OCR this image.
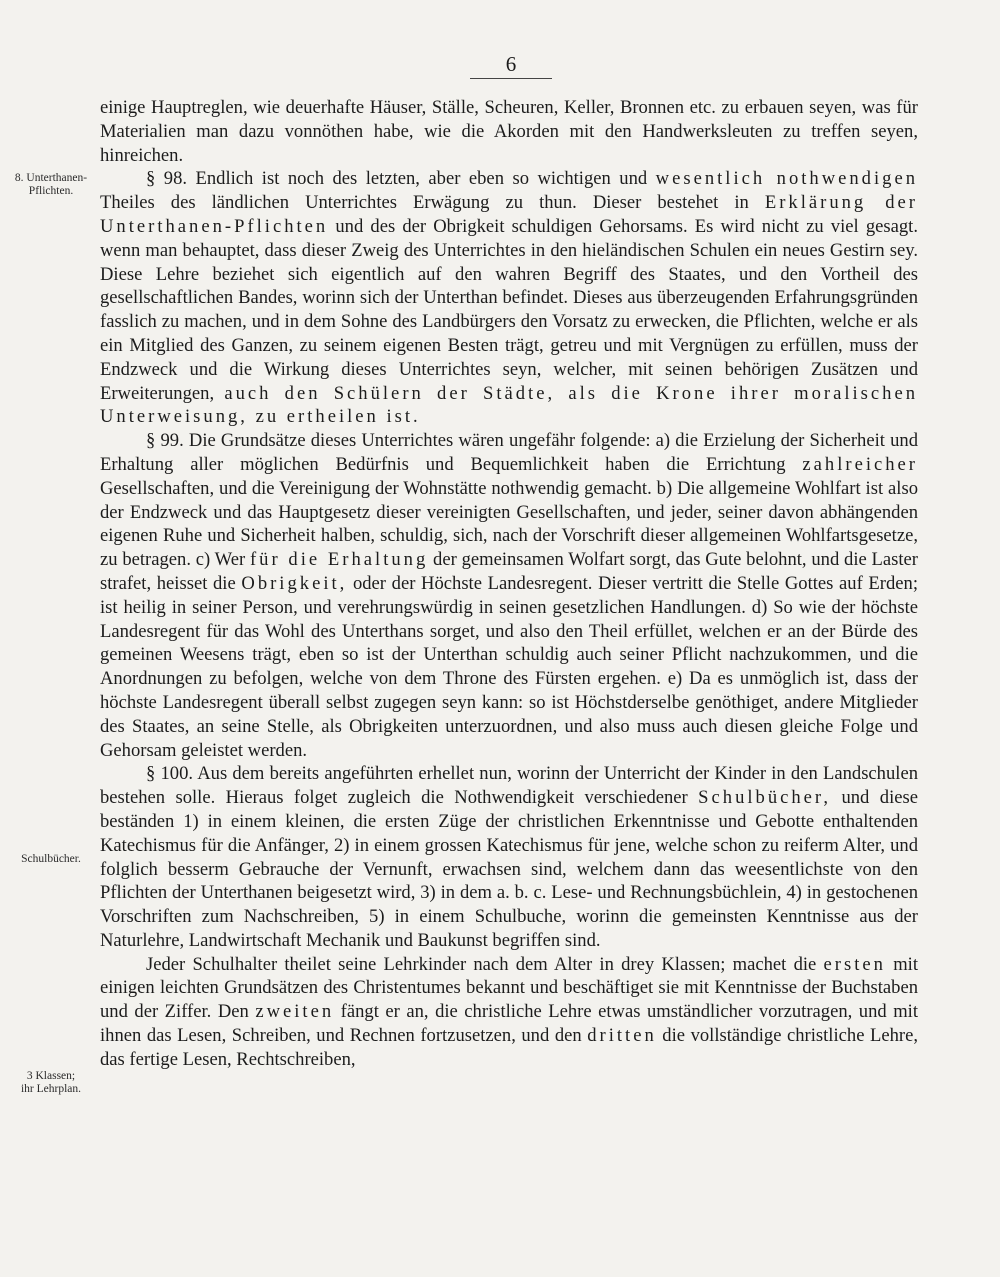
6
8. Unterthanen-
Pflichten.
Schulbücher.
3 Klassen;
ihr Lehrplan.

einige Hauptreglen, wie deuerhafte Häuser, Ställe, Scheuren, Keller, Bronnen etc. zu erbauen seyen, was für Materialien man dazu vonnöthen habe, wie die Akorden mit den Handwerksleuten zu treffen seyen, hinreichen.

§ 98. Endlich ist noch des letzten, aber eben so wichtigen und wesentlich nothwendigen Theiles des ländlichen Unterrichtes Erwägung zu thun. Dieser bestehet in Erklärung der Unterthanen-Pflichten und des der Obrigkeit schuldigen Gehorsams. Es wird nicht zu viel gesagt. wenn man behauptet, dass dieser Zweig des Unterrichtes in den hieländischen Schulen ein neues Gestirn sey. Diese Lehre beziehet sich eigentlich auf den wahren Begriff des Staates, und den Vortheil des gesellschaftlichen Bandes, worinn sich der Unterthan befindet. Dieses aus überzeugenden Erfahrungsgründen fasslich zu machen, und in dem Sohne des Landbürgers den Vorsatz zu erwecken, die Pflichten, welche er als ein Mitglied des Ganzen, zu seinem eigenen Besten trägt, getreu und mit Vergnügen zu erfüllen, muss der Endzweck und die Wirkung dieses Unterrichtes seyn, welcher, mit seinen behörigen Zusätzen und Erweiterungen, auch den Schülern der Städte, als die Krone ihrer moralischen Unterweisung, zu ertheilen ist.

§ 99. Die Grundsätze dieses Unterrichtes wären ungefähr folgende: a) die Erzielung der Sicherheit und Erhaltung aller möglichen Bedürfnis und Bequemlichkeit haben die Errichtung zahlreicher Gesellschaften, und die Vereinigung der Wohnstätte nothwendig gemacht. b) Die allgemeine Wohlfart ist also der Endzweck und das Hauptgesetz dieser vereinigten Gesellschaften, und jeder, seiner davon abhängenden eigenen Ruhe und Sicherheit halben, schuldig, sich, nach der Vorschrift dieser allgemeinen Wohlfartsgesetze, zu betragen. c) Wer für die Erhaltung der gemeinsamen Wolfart sorgt, das Gute belohnt, und die Laster strafet, heisset die Obrigkeit, oder der Höchste Landesregent. Dieser vertritt die Stelle Gottes auf Erden; ist heilig in seiner Person, und verehrungswürdig in seinen gesetzlichen Handlungen. d) So wie der höchste Landesregent für das Wohl des Unterthans sorget, und also den Theil erfüllet, welchen er an der Bürde des gemeinen Weesens trägt, eben so ist der Unterthan schuldig auch seiner Pflicht nachzukommen, und die Anordnungen zu befolgen, welche von dem Throne des Fürsten ergehen. e) Da es unmöglich ist, dass der höchste Landesregent überall selbst zugegen seyn kann: so ist Höchstderselbe genöthiget, andere Mitglieder des Staates, an seine Stelle, als Obrigkeiten unterzuordnen, und also muss auch diesen gleiche Folge und Gehorsam geleistet werden.

§ 100. Aus dem bereits angeführten erhellet nun, worinn der Unterricht der Kinder in den Landschulen bestehen solle. Hieraus folget zugleich die Nothwendigkeit verschiedener Schulbücher, und diese beständen 1) in einem kleinen, die ersten Züge der christlichen Erkenntnisse und Gebotte enthaltenden Katechismus für die Anfänger, 2) in einem grossen Katechismus für jene, welche schon zu reiferm Alter, und folglich besserm Gebrauche der Vernunft, erwachsen sind, welchem dann das weesentlichste von den Pflichten der Unterthanen beigesetzt wird, 3) in dem a. b. c. Lese- und Rechnungsbüchlein, 4) in gestochenen Vorschriften zum Nachschreiben, 5) in einem Schulbuche, worinn die gemeinsten Kenntnisse aus der Naturlehre, Landwirtschaft Mechanik und Baukunst begriffen sind.

Jeder Schulhalter theilet seine Lehrkinder nach dem Alter in drey Klassen; machet die ersten mit einigen leichten Grundsätzen des Christentumes bekannt und beschäftiget sie mit Kenntnisse der Buchstaben und der Ziffer. Den zweiten fängt er an, die christliche Lehre etwas umständlicher vorzutragen, und mit ihnen das Lesen, Schreiben, und Rechnen fortzusetzen, und den dritten die vollständige christliche Lehre, das fertige Lesen, Rechtschreiben,
